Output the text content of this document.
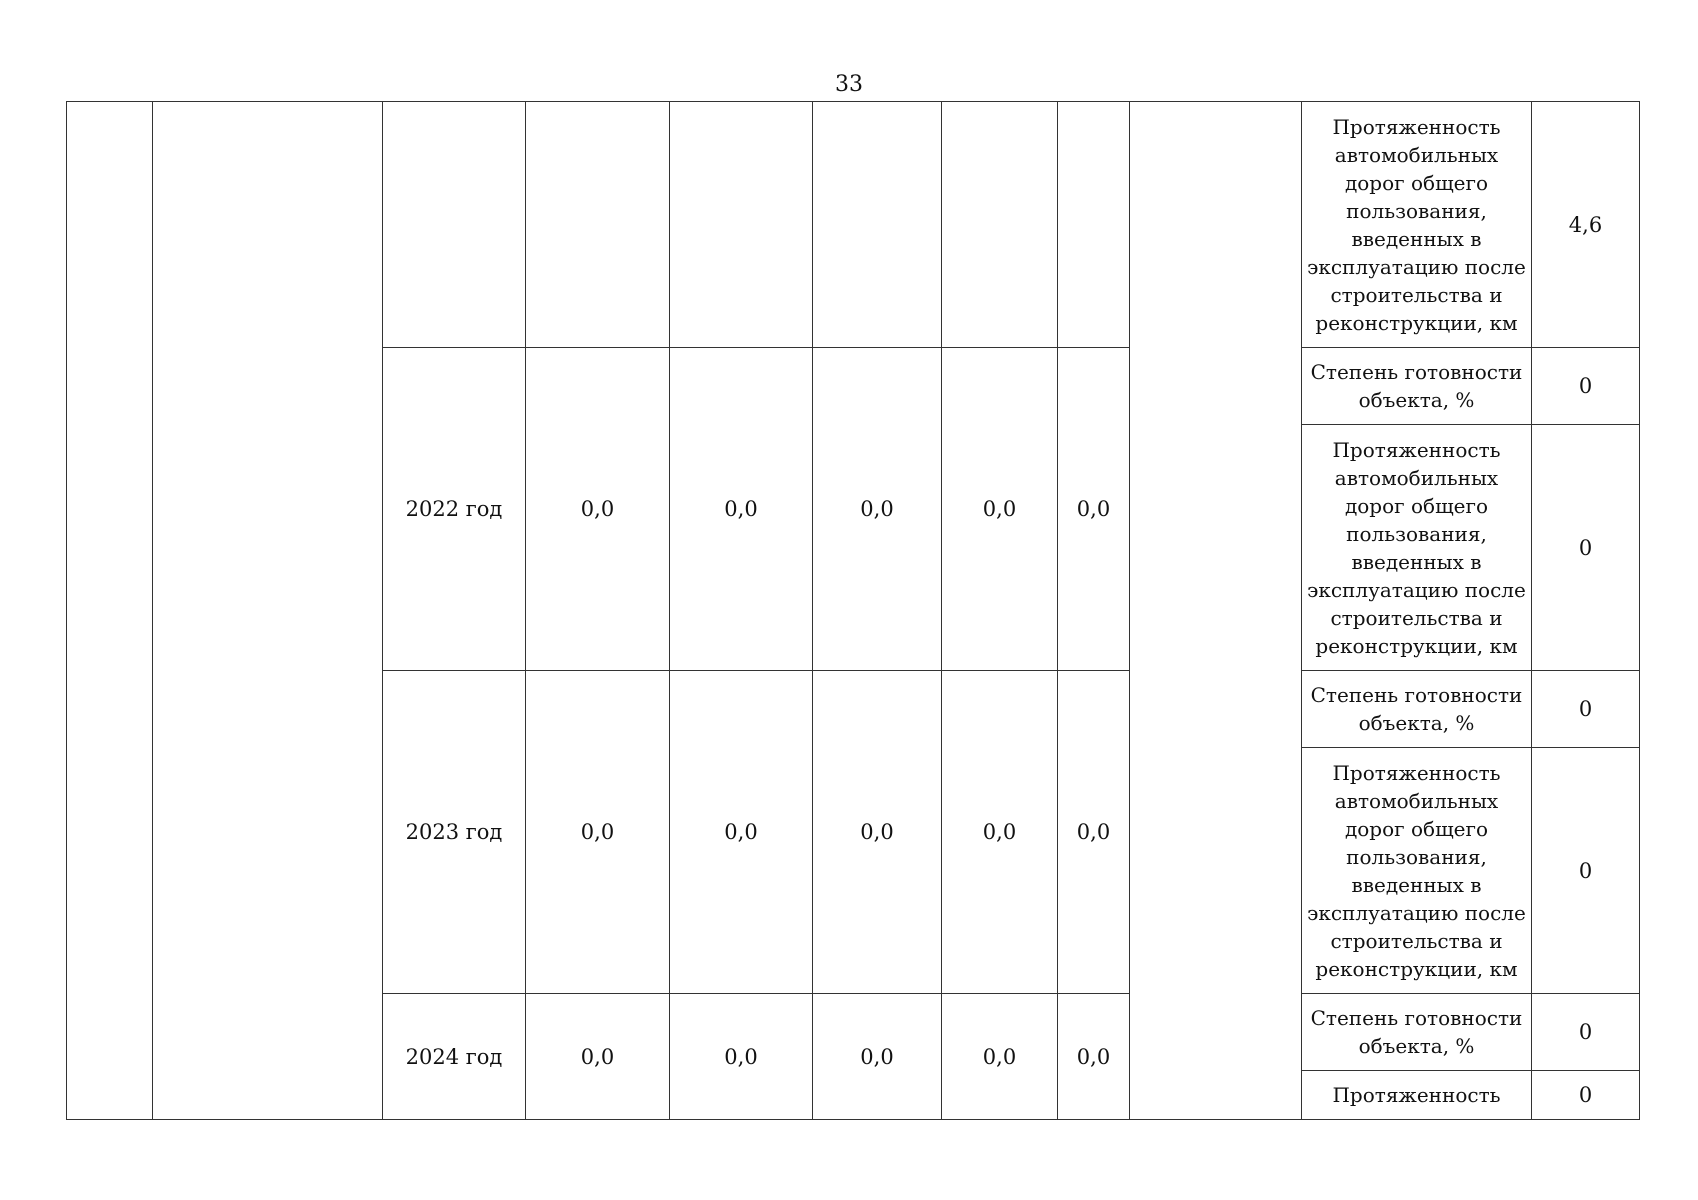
33
									Протяженность автомобильных дорог общего пользования, введенных в эксплуатацию после строительства и реконструкции, км	4,6
		2022 год	0,0	0,0	0,0	0,0	0,0		Степень готовности объекта, %	0
									Протяженность автомобильных дорог общего пользования, введенных в эксплуатацию после строительства и реконструкции, км	0
		2023 год	0,0	0,0	0,0	0,0	0,0		Степень готовности объекта, %	0
									Протяженность автомобильных дорог общего пользования, введенных в эксплуатацию после строительства и реконструкции, км	0
		2024 год	0,0	0,0	0,0	0,0	0,0		Степень готовности объекта, %	0
									Протяженность	0
